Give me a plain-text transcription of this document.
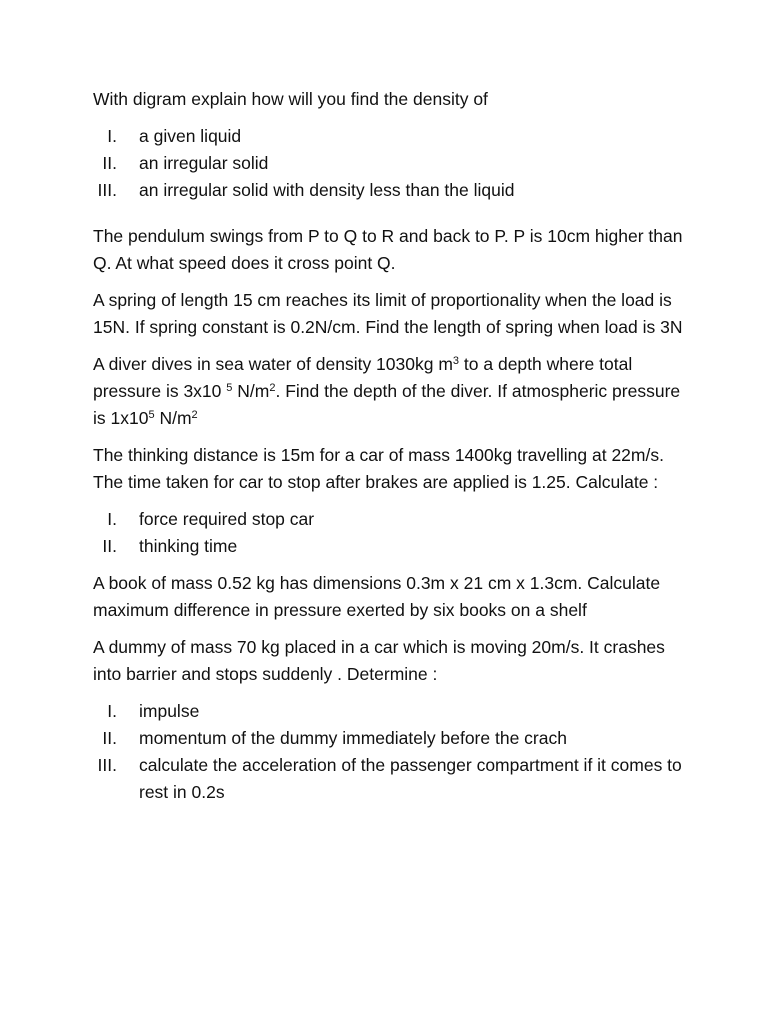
With digram explain how will you find the density of

I. a given liquid
II. an irregular solid
III. an irregular solid with density less than the liquid

The pendulum swings from P to Q to R and back to P. P is 10cm higher than Q. At what speed does it cross point Q.

A spring of length 15 cm reaches its limit of proportionality when the load is 15N. If spring constant is 0.2N/cm. Find the length of spring when load is 3N

A diver dives in sea water of density 1030kg $m^3$ to a depth where total pressure is 3x10 $^5$ $N/m^2$. Find the depth of the diver. If atmospheric pressure is $1x10^5$ $N/m^2$

The thinking distance is 15m for a car of mass 1400kg travelling at 22m/s. The time taken for car to stop after brakes are applied is 1.25. Calculate :

I. force required stop car
II. thinking time

A book of mass 0.52 kg has dimensions 0.3m x 21 cm x 1.3cm. Calculate maximum difference in pressure exerted by six books on a shelf

A dummy of mass 70 kg placed in a car which is moving 20m/s. It crashes into barrier and stops suddenly . Determine :

I. impulse
II. momentum of the dummy immediately before the crach
III. calculate the acceleration of the passenger compartment if it comes to rest in 0.2s
